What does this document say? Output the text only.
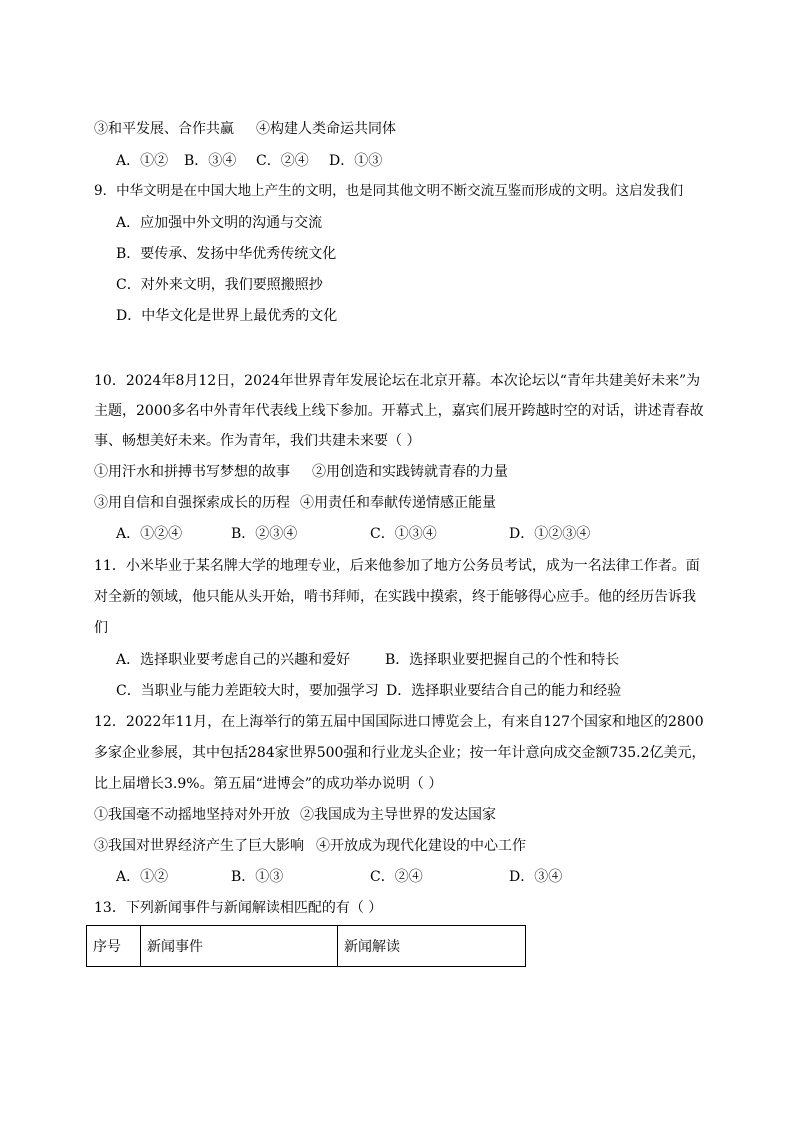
③和平发展、合作共赢 ④构建人类命运共同体
A．①② B．③④ C．②④ D．①③
9．中华文明是在中国大地上产生的文明，也是同其他文明不断交流互鉴而形成的文明。这启发我们
A．应加强中外文明的沟通与交流
B．要传承、发扬中华优秀传统文化
C．对外来文明，我们要照搬照抄
D．中华文化是世界上最优秀的文化
10．2024年8月12日，2024年世界青年发展论坛在北京开幕。本次论坛以“青年共建美好未来”为
主题，2000多名中外青年代表线上线下参加。开幕式上，嘉宾们展开跨越时空的对话，讲述青春故
事、畅想美好未来。作为青年，我们共建未来要（ ）
①用汗水和拼搏书写梦想的故事 ②用创造和实践铸就青春的力量
③用自信和自强探索成长的历程 ④用责任和奉献传递情感正能量
A．①②④	B．②③④	C．①③④	D．①②③④
11．小米毕业于某名牌大学的地理专业，后来他参加了地方公务员考试，成为一名法律工作者。面
对全新的领域，他只能从头开始，啃书拜师，在实践中摸索，终于能够得心应手。他的经历告诉我
们
A．选择职业要考虑自己的兴趣和爱好 B．选择职业要把握自己的个性和特长
C．当职业与能力差距较大时，要加强学习 D．选择职业要结合自己的能力和经验
12．2022年11月，在上海举行的第五届中国国际进口博览会上，有来自127个国家和地区的2800
多家企业参展，其中包括284家世界500强和行业龙头企业；按一年计意向成交金额735.2亿美元，
比上届增长3.9%。第五届“进博会”的成功举办说明（ ）
①我国毫不动摇地坚持对外开放 ②我国成为主导世界的发达国家
③我国对世界经济产生了巨大影响 ④开放成为现代化建设的中心工作
A．①②	B．①③	C．②④	D．③④
13．下列新闻事件与新闻解读相匹配的有（ ）
序号	新闻事件	新闻解读
